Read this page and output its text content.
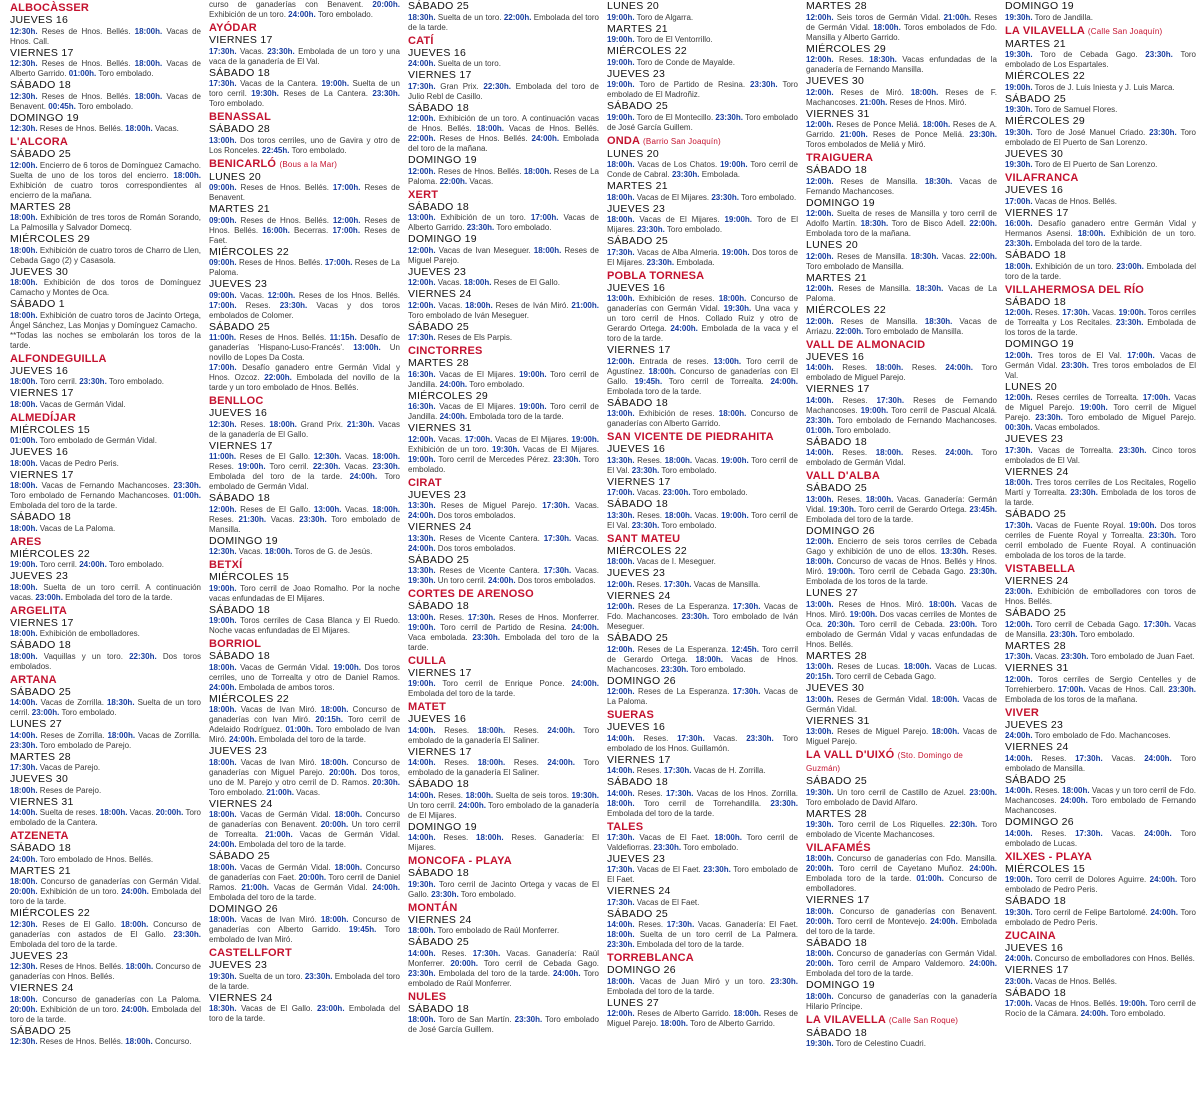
ALBOCÀSSER
JUEVES 16
12:30h. Reses de Hnos. Bellés. 18:00h. Vacas de Hnos. Call.
VIERNES 17
12:30h. Reses de Hnos. Bellés. 18:00h. Vacas de Alberto Garrido. 01:00h. Toro embolado.
SÁBADO 18
12:30h. Reses de Hnos. Bellés. 18:00h. Vacas de Benavent. 00:45h. Toro embolado.
DOMINGO 19
12:30h. Reses de Hnos. Bellés. 18:00h. Vacas.
L'ALCORA
SÁBADO 25
12:00h. Encierro de 6 toros de Domínguez Camacho. Suelta de uno de los toros del encierro. 18:00h. Exhibición de cuatro toros correspondientes al encierro de la mañana.
MARTES 28
18:00h. Exhibición de tres toros de Román Sorando, La Palmosilla y Salvador Domecq.
MIÉRCOLES 29
18:00h. Exhibición de cuatro toros de Charro de Llen, Cebada Gago (2) y Casasola.
JUEVES 30
18:00h. Exhibición de dos toros de Domínguez Camacho y Montes de Oca.
SÁBADO 1
18:00h. Exhibición de cuatro toros de Jacinto Ortega, Ángel Sánchez, Las Monjas y Domínguez Camacho.
**Todas las noches se embolarán los toros de la tarde.
ALFONDEGUILLA
JUEVES 16
18:00h. Toro cerril. 23:30h. Toro embolado.
VIERNES 17
18:00h. Vacas de Germán Vidal.
ALMEDÍJAR
MIÉRCOLES 15
01:00h. Toro embolado de Germán Vidal.
JUEVES 16
18:00h. Vacas de Pedro Peris.
VIERNES 17
18:00h. Vacas de Fernando Machancoses. 23:30h. Toro embolado de Fernando Machancoses. 01:00h. Embolada del toro de la tarde.
SÁBADO 18
18:00h. Vacas de La Paloma.
ARES
MIÉRCOLES 22
19:00h. Toro cerril. 24:00h. Toro embolado.
JUEVES 23
18:00h. Suelta de un toro cerril. A continuación vacas. 23:00h. Embolada del toro de la tarde.
ARGELITA
VIERNES 17
18:00h. Exhibición de embolladores.
SÁBADO 18
18:00h. Vaquillas y un toro. 22:30h. Dos toros embolados.
ARTANA
SÁBADO 25
14:00h. Vacas de Zorrilla. 18:30h. Suelta de un toro cerril. 23:00h. Toro embolado.
LUNES 27
14:00h. Reses de Zorrilla. 18:00h. Vacas de Zorrilla. 23:30h. Toro embolado de Parejo.
MARTES 28
17:30h. Vacas de Parejo.
JUEVES 30
18:00h. Reses de Parejo.
VIERNES 31
14:00h. Suelta de reses. 18:00h. Vacas. 20:00h. Toro embolado de la Cantera.
ATZENETA
SÁBADO 18
24:00h. Toro embolado de Hnos. Bellés.
MARTES 21
18:00h. Concurso de ganaderías con Germán Vidal. 20:00h. Exhibición de un toro. 24:00h. Embolada del toro de la tarde.
MIÉRCOLES 22
12:30h. Reses de El Gallo. 18:00h. Concurso de ganaderías con astados de El Gallo. 23:30h. Embolada del toro de la tarde.
JUEVES 23
12:30h. Reses de Hnos. Bellés. 18:00h. Concurso de ganaderías con Hnos. Bellés.
VIERNES 24
18:00h. Concurso de ganaderías con La Paloma. 20:00h. Exhibición de un toro. 24:00h. Embolada del toro de la tarde.
SÁBADO 25
12:30h. Reses de Hnos. Bellés. 18:00h. Concurso.
curso de ganaderías con Benavent. 20:00h. Exhibición de un toro. 24:00h. Toro embolado.
AYÓDAR
VIERNES 17
17:30h. Vacas. 23:30h. Embolada de un toro y una vaca de la ganadería de El Val.
SÁBADO 18
17:30h. Vacas de la Cantera. 19:00h. Suelta de un toro cerril. 19:30h. Reses de La Cantera. 23:30h. Toro embolado.
BENASSAL
SÁBADO 28
13:00h. Dos toros cerriles, uno de Gavira y otro de Los Ronceles. 22:45h. Toro embolado.
BENICARLÓ (Bous a la Mar)
LUNES 20
09:00h. Reses de Hnos. Bellés. 17:00h. Reses de Benavent.
MARTES 21
09:00h. Reses de Hnos. Bellés. 12:00h. Reses de Hnos. Bellés. 16:00h. Becerras. 17:00h. Reses de Faet.
MIÉRCOLES 22
09:00h. Reses de Hnos. Bellés. 17:00h. Reses de La Paloma.
JUEVES 23
09:00h. Vacas. 12:00h. Reses de los Hnos. Bellés. 17:00h. Reses. 23:30h. Vacas y dos toros embolados de Colomer.
SÁBADO 25
11:00h. Reses de Hnos. Bellés. 11:15h. Desafío de ganaderías 'Hispano-Luso-Francés'. 13:00h. Un novillo de Lopes Da Costa.
17:00h. Desafío ganadero entre Germán Vidal y Hnos. Ozcoz. 22:00h. Embolada del novillo de la tarde y un toro embolado de Hnos. Bellés.
BENLLOC
JUEVES 16
12:30h. Reses. 18:00h. Grand Prix. 21:30h. Vacas de la ganadería de El Gallo.
VIERNES 17
11:00h. Reses de El Gallo. 12:30h. Vacas. 18:00h. Reses. 19:00h. Toro cerril. 22:30h. Vacas. 23:30h. Embolada del toro de la tarde. 24:00h. Toro embolado de Germán Vidal.
SÁBADO 18
12:00h. Reses de El Gallo. 13:00h. Vacas. 18:00h. Reses. 21:30h. Vacas. 23:30h. Toro embolado de Mansilla.
DOMINGO 19
12:30h. Vacas. 18:00h. Toros de G. de Jesús.
BETXÍ
MIÉRCOLES 15
19:00h. Toro cerril de Joao Romalho. Por la noche vacas enfundadas de El Mijares.
SÁBADO 18
19:00h. Toros cerriles de Casa Blanca y El Ruedo. Noche vacas enfundadas de El Mijares.
BORRIOL
SÁBADO 18
18:00h. Vacas de Germán Vidal. 19:00h. Dos toros cerriles, uno de Torrealta y otro de Daniel Ramos. 24:00h. Embolada de ambos toros.
MIÉRCOLES 22
18:00h. Vacas de Ivan Miró. 18:00h. Concurso de ganaderías con Ivan Miró. 20:15h. Toro cerril de Adelaido Rodríguez. 01:00h. Toro embolado de Ivan Miró. 24:00h. Embolada del toro de la tarde.
JUEVES 23
18:00h. Vacas de Ivan Miró. 18:00h. Concurso de ganaderías con Miguel Parejo. 20:00h. Dos toros, uno de M. Parejo y otro cerril de D. Ramos. 20:30h. Toro embolado. 21:00h. Vacas.
VIERNES 24
18:00h. Vacas de Germán Vidal. 18:00h. Concurso de ganaderías con Benavent. 20:00h. Un toro cerril de Torrealta. 21:00h. Vacas de Germán Vidal. 24:00h. Embolada del toro de la tarde.
SÁBADO 25
18:00h. Vacas de Germán Vidal. 18:00h. Concurso de ganaderías con Faet. 20:00h. Toro cerril de Daniel Ramos. 21:00h. Vacas de Germán Vidal. 24:00h. Embolada del toro de la tarde.
DOMINGO 26
18:00h. Vacas de Ivan Miró. 18:00h. Concurso de ganaderías con Alberto Garrido. 19:45h. Toro embolado de Ivan Miró.
CASTELLFORT
JUEVES 23
19:30h. Suelta de un toro. 23:30h. Embolada del toro de la tarde.
VIERNES 24
18:30h. Vacas de El Gallo. 23:00h. Embolada del toro de la tarde.
SÁBADO 25
18:30h. Suelta de un toro. 22:00h. Embolada del toro de la tarde.
CATÍ
JUEVES 16
24:00h. Suelta de un toro.
VIERNES 17
17:30h. Gran Prix. 22:30h. Embolada del toro de Julio Rebl de Casillo.
SÁBADO 18
12:00h. Exhibición de un toro. A continuación vacas de Hnos. Bellés. 18:00h. Vacas de Hnos. Bellés. 22:00h. Reses de Hnos. Bellés. 24:00h. Embolada del toro de la mañana.
DOMINGO 19
12:00h. Reses de Hnos. Bellés. 18:00h. Reses de La Paloma. 22:00h. Vacas.
XERT
SÁBADO 18
13:00h. Exhibición de un toro. 17:00h. Vacas de Alberto Garrido. 23:30h. Toro embolado.
DOMINGO 19
12:00h. Vacas de Ivan Meseguer. 18:00h. Reses de Miguel Parejo.
JUEVES 23
12:00h. Vacas. 18:00h. Reses de El Gallo.
VIERNES 24
12:00h. Vacas. 18:00h. Reses de Iván Miró. 21:00h. Toro embolado de Iván Meseguer.
SÁBADO 25
17:30h. Reses de Els Parpis.
CINCTORRES
MARTES 28
16:30h. Vacas de El Mijares. 19:00h. Toro cerril de Jandilla. 24:00h. Toro embolado.
MIÉRCOLES 29
16:30h. Vacas de El Mijares. 19:00h. Toro cerril de Jandilla. 24:00h. Embolada toro de la tarde.
VIERNES 31
12:00h. Vacas. 17:00h. Vacas de El Mijares. 19:00h. Exhibición de un toro. 19:30h. Vacas de El Mijares. 19:00h. Toro cerril de Mercedes Pérez. 23:30h. Toro embolado.
CIRAT
JUEVES 23
13:30h. Reses de Miguel Parejo. 17:30h. Vacas. 24:00h. Dos toros embolados.
VIERNES 24
13:30h. Reses de Vicente Cantera. 17:30h. Vacas. 24:00h. Dos toros embolados.
SÁBADO 25
13:30h. Reses de Vicente Cantera. 17:30h. Vacas. 19:30h. Un toro cerril. 24:00h. Dos toros embolados.
CORTES DE ARENOSO
SÁBADO 18
13:00h. Reses. 17:30h. Reses de Hnos. Monferrer. 19:00h. Toro cerril de Partido de Resina. 24:00h. Vaca embolada. 23:30h. Embolada del toro de la tarde.
CULLA
VIERNES 17
19:00h. Toro cerril de Enrique Ponce. 24:00h. Embolada del toro de la tarde.
MATET
JUEVES 16
14:00h. Reses. 18:00h. Reses. 24:00h. Toro embolado de la ganadería El Saliner.
VIERNES 17
14:00h. Reses. 18:00h. Reses. 24:00h. Toro embolado de la ganadería El Saliner.
SÁBADO 18
14:00h. Reses. 18:00h. Suelta de seis toros. 19:30h. Un toro cerril. 24:00h. Toro embolado de la ganadería de El Mijares.
DOMINGO 19
14:00h. Reses. 18:00h. Reses. Ganadería: El Mijares.
MONCOFA - PLAYA
SÁBADO 18
19:30h. Toro cerril de Jacinto Ortega y vacas de El Gallo. 23:30h. Toro embolado.
MONTÁN
VIERNES 24
18:00h. Toro embolado de Raúl Monferrer.
SÁBADO 25
14:00h. Reses. 17:30h. Vacas. Ganadería: Raúl Monferrer. 20:00h. Toro cerril de Cebada Gago. 23:30h. Embolada del toro de la tarde. 24:00h. Toro embolado de Raúl Monferrer.
NULES
SÁBADO 18
18:00h. Toro de San Martín. 23:30h. Toro embolado de José García Guillem.
LUNES 20
19:00h. Toro de Algarra.
MARTES 21
19:00h. Toro de El Ventorrillo.
MIÉRCOLES 22
19:00h. Toro de Conde de Mayalde.
JUEVES 23
19:00h. Toro de Partido de Resina. 23:30h. Toro embolado de El Madroñiz.
SÁBADO 25
19:00h. Toro de El Montecillo. 23:30h. Toro embolado de José García Guillem.
ONDA (Barrio San Joaquín)
LUNES 20
18:00h. Vacas de Los Chatos. 19:00h. Toro cerril de Conde de Cabral. 23:30h. Embolada.
MARTES 21
18:00h. Vacas de El Mijares. 23:30h. Toro embolado.
JUEVES 23
18:00h. Vacas de El Mijares. 19:00h. Toro de El Mijares. 23:30h. Toro embolado.
SÁBADO 25
17:30h. Vacas de Alba Almeria. 19:00h. Dos toros de El Mijares. 23:30h. Embolada.
POBLA TORNESA
JUEVES 16
13:00h. Exhibición de reses. 18:00h. Concurso de ganaderías con Germán Vidal. 19:30h. Una vaca y un toro cerril de Hnos. Collado Ruiz y otro de Gerardo Ortega. 24:00h. Embolada de la vaca y el toro de la tarde.
VIERNES 17
12:00h. Entrada de reses. 13:00h. Toro cerril de Agustínez. 18:00h. Concurso de ganaderías con El Gallo. 19:45h. Toro cerril de Torrealta. 24:00h. Embolada toro de la tarde.
SÁBADO 18
13:00h. Exhibición de reses. 18:00h. Concurso de ganaderías con Alberto Garrido.
SAN VICENTE DE PIEDRAHITA
JUEVES 16
13:30h. Reses. 18:00h. Vacas. 19:00h. Toro cerril de El Val. 23:30h. Toro embolado.
VIERNES 17
17:00h. Vacas. 23:00h. Toro embolado.
SÁBADO 18
13:30h. Reses. 18:00h. Vacas. 19:00h. Toro cerril de El Val. 23:30h. Toro embolado.
SANT MATEU
MIÉRCOLES 22
18:00h. Vacas de I. Meseguer.
JUEVES 23
12:00h. Reses. 17:30h. Vacas de Mansilla.
VIERNES 24
12:00h. Reses de La Esperanza. 17:30h. Vacas de Fdo. Machancoses. 23:30h. Toro embolado de Iván Meseguer.
SÁBADO 25
12:00h. Reses de La Esperanza. 12:45h. Toro cerril de Gerardo Ortega. 18:00h. Vacas de Hnos. Machancoses. 23:30h. Toro embolado.
DOMINGO 26
12:00h. Reses de La Esperanza. 17:30h. Vacas de La Paloma.
SUERAS
JUEVES 16
14:00h. Reses. 17:30h. Vacas. 23:30h. Toro embolado de los Hnos. Guillamón.
VIERNES 17
14:00h. Reses. 17:30h. Vacas de H. Zorrilla.
SÁBADO 18
14:00h. Reses. 17:30h. Vacas de los Hnos. Zorrilla. 18:00h. Toro cerril de Torrehandilla. 23:30h. Embolada del toro de la tarde.
TALES
17:30h. Vacas de El Faet. 18:00h. Toro cerril de Valdefiorras. 23:30h. Toro embolado.
JUEVES 23
17:30h. Vacas de El Faet. 23:30h. Toro embolado de El Faet.
VIERNES 24
17:30h. Vacas de El Faet.
SÁBADO 25
14:00h. Reses. 17:30h. Vacas. Ganadería: El Faet. 18:00h. Suelta de un toro cerril de La Palmera. 23:30h. Embolada del toro de la tarde.
TORREBLANCA
DOMINGO 26
18:00h. Vacas de Juan Miró y un toro. 23:30h. Embolada del toro de la tarde.
LUNES 27
12:00h. Reses de Alberto Garrido. 18:00h. Reses de Miguel Parejo. 18:00h. Toro de Alberto Garrido.
MARTES 28
12:00h. Seis toros de Germán Vidal. 21:00h. Reses de Germán Vidal. 18:00h. Toros embolados de Fdo. Mansilla y Alberto Garrido.
MIÉRCOLES 29
12:00h. Reses. 18:30h. Vacas enfundadas de la ganadería de Fernando Mansilla.
JUEVES 30
12:00h. Reses de Miró. 18:00h. Reses de F. Machancoses. 21:00h. Reses de Hnos. Miró.
VIERNES 31
12:00h. Reses de Ponce Meliá. 18:00h. Reses de A. Garrido. 21:00h. Reses de Ponce Meliá. 23:30h. Toros embolados de Meliá y Miró.
TRAIGUERA
SÁBADO 18
12:00h. Reses de Mansilla. 18:30h. Vacas de Fernando Machancoses.
DOMINGO 19
12:00h. Suelta de reses de Mansilla y toro cerril de Adolfo Martín. 18:30h. Toro de Bisco Adell. 22:00h. Embolada toro de la mañana.
LUNES 20
12:00h. Reses de Mansilla. 18:30h. Vacas. 22:00h. Toro embolado de Mansilla.
MARTES 21
12:00h. Reses de Mansilla. 18:30h. Vacas de La Paloma.
MIÉRCOLES 22
12:00h. Reses de Mansilla. 18:30h. Vacas de Arriazu. 22:00h. Toro embolado de Mansilla.
VALL DE ALMONACID
JUEVES 16
14:00h. Reses. 18:00h. Reses. 24:00h. Toro embolado de Miguel Parejo.
VIERNES 17
14:00h. Reses. 17:30h. Reses de Fernando Machancoses. 19:00h. Toro cerril de Pascual Alcalá. 23:30h. Toro embolado de Fernando Machancoses. 01:00h. Toro embolado.
SÁBADO 18
14:00h. Reses. 18:00h. Reses. 24:00h. Toro embolado de Germán Vidal.
VALL D'ALBA
SÁBADO 25
13:00h. Reses. 18:00h. Vacas. Ganadería: Germán Vidal. 19:30h. Toro cerril de Gerardo Ortega. 23:45h. Embolada del toro de la tarde.
DOMINGO 26
12:00h. Encierro de seis toros cerriles de Cebada Gago y exhibición de uno de ellos. 13:30h. Reses. 18:00h. Concurso de vacas de Hnos. Bellés y Hnos. Miró. 19:00h. Toro cerril de Cebada Gago. 23:30h. Embolada de los toros de la tarde.
LUNES 27
13:00h. Reses de Hnos. Miró. 18:00h. Vacas de Hnos. Miró. 19:00h. Dos vacas cerriles de Montes de Oca. 20:30h. Toro cerril de Cebada. 23:00h. Toro embolado de Germán Vidal y vacas enfundadas de Hnos. Bellés.
MARTES 28
13:00h. Reses de Lucas. 18:00h. Vacas de Lucas. 20:15h. Toro cerril de Cebada Gago.
JUEVES 30
13:00h. Reses de Germán Vidal. 18:00h. Vacas de Germán Vidal.
VIERNES 31
13:00h. Reses de Miguel Parejo. 18:00h. Vacas de Miguel Parejo.
LA VALL D'UIXÓ (Sto. Domingo de Guzmán)
SÁBADO 25
19:30h. Un toro cerril de Castillo de Azuel. 23:00h. Toro embolado de David Alfaro.
MARTES 28
19:30h. Toro cerril de Los Riquelles. 22:30h. Toro embolado de Vicente Machancoses.
VILAFAMÉS
18:00h. Concurso de ganaderías con Fdo. Mansilla. 20:00h. Toro cerril de Cayetano Muñoz. 24:00h. Embolada toro de la tarde. 01:00h. Concurso de embolladores.
VIERNES 17
18:00h. Concurso de ganaderías con Benavent. 20:00h. Toro cerril de Montevejo. 24:00h. Embolada del toro de la tarde.
SÁBADO 18
18:00h. Concurso de ganaderías con Germán Vidal. 20:00h. Toro cerril de Amparo Valdemoro. 24:00h. Embolada del toro de la tarde.
DOMINGO 19
18:00h. Concurso de ganaderías con la ganadería Hilario Príncipe.
LA VILAVELLA (Calle San Roque)
SÁBADO 18
19:30h. Toro de Celestino Cuadri.
DOMINGO 19
19:30h. Toro de Jandilla.
LA VILAVELLA (Calle San Joaquín)
MARTES 21
19:30h. Toro de Cebada Gago. 23:30h. Toro embolado de Los Espartales.
MIÉRCOLES 22
19:00h. Toros de J. Luis Iniesta y J. Luis Marca.
SÁBADO 25
19:30h. Toro de Samuel Flores.
MIÉRCOLES 29
19:30h. Toro de José Manuel Criado. 23:30h. Toro embolado de El Puerto de San Lorenzo.
JUEVES 30
19:30h. Toro de El Puerto de San Lorenzo.
VILAFRANCA
JUEVES 16
17:00h. Vacas de Hnos. Bellés.
VIERNES 17
16:00h. Desafío ganadero entre Germán Vidal y Hermanos Asensi. 18:00h. Exhibición de un toro. 23:30h. Embolada del toro de la tarde.
SÁBADO 18
18:00h. Exhibición de un toro. 23:00h. Embolada del toro de la tarde.
VILLAHERMOSA DEL RÍO
SÁBADO 18
12:00h. Reses. 17:30h. Vacas. 19:00h. Toros cerriles de Torrealta y Los Recitales. 23:30h. Embolada de los toros de la tarde.
DOMINGO 19
12:00h. Tres toros de El Val. 17:00h. Vacas de Germán Vidal. 23:30h. Tres toros embolados de El Val.
LUNES 20
12:00h. Reses cerriles de Torrealta. 17:00h. Vacas de Miguel Parejo. 19:00h. Toro cerril de Miguel Parejo. 23:30h. Toro embolado de Miguel Parejo. 00:30h. Vacas embolados.
JUEVES 23
17:30h. Vacas de Torrealta. 23:30h. Cinco toros embolados de El Val.
VIERNES 24
18:00h. Tres toros cerriles de Los Recitales, Rogelio Martí y Torrealta. 23:30h. Embolada de los toros de la tarde.
SÁBADO 25
17:30h. Vacas de Fuente Royal. 19:00h. Dos toros cerriles de Fuente Royal y Torrealta. 23:30h. Toro cerril embolado de Fuente Royal. A continuación embolada de los toros de la tarde.
VISTABELLA
VIERNES 24
23:00h. Exhibición de embolladores con toros de Hnos. Bellés.
SÁBADO 25
12:00h. Toro cerril de Cebada Gago. 17:30h. Vacas de Mansilla. 23:30h. Toro embolado.
MARTES 28
17:30h. Vacas. 23:30h. Toro embolado de Juan Faet.
VIERNES 31
12:00h. Toros cerriles de Sergio Centelles y de Torrehierbero. 17:00h. Vacas de Hnos. Call. 23:30h. Embolada de los toros de la mañana.
VIVER
JUEVES 23
24:00h. Toro embolado de Fdo. Machancoses.
VIERNES 24
14:00h. Reses. 17:30h. Vacas. 24:00h. Toro embolado de Mansilla.
SÁBADO 25
14:00h. Reses. 18:00h. Vacas y un toro cerril de Fdo. Machancoses. 24:00h. Toro embolado de Fernando Machancoses.
DOMINGO 26
14:00h. Reses. 17:30h. Vacas. 24:00h. Toro embolado de Lucas.
XILXES - PLAYA
MIÉRCOLES 15
19:00h. Toro cerril de Dolores Aguirre. 24:00h. Toro embolado de Pedro Peris.
SÁBADO 18
19:30h. Toro cerril de Felipe Bartolomé. 24:00h. Toro embolado de Pedro Peris.
ZUCAINA
JUEVES 16
24:00h. Concurso de embolladores con Hnos. Bellés.
VIERNES 17
23:00h. Vacas de Hnos. Bellés.
SÁBADO 18
17:00h. Vacas de Hnos. Bellés. 19:00h. Toro cerril de Rocío de la Cámara. 24:00h. Toro embolado.
